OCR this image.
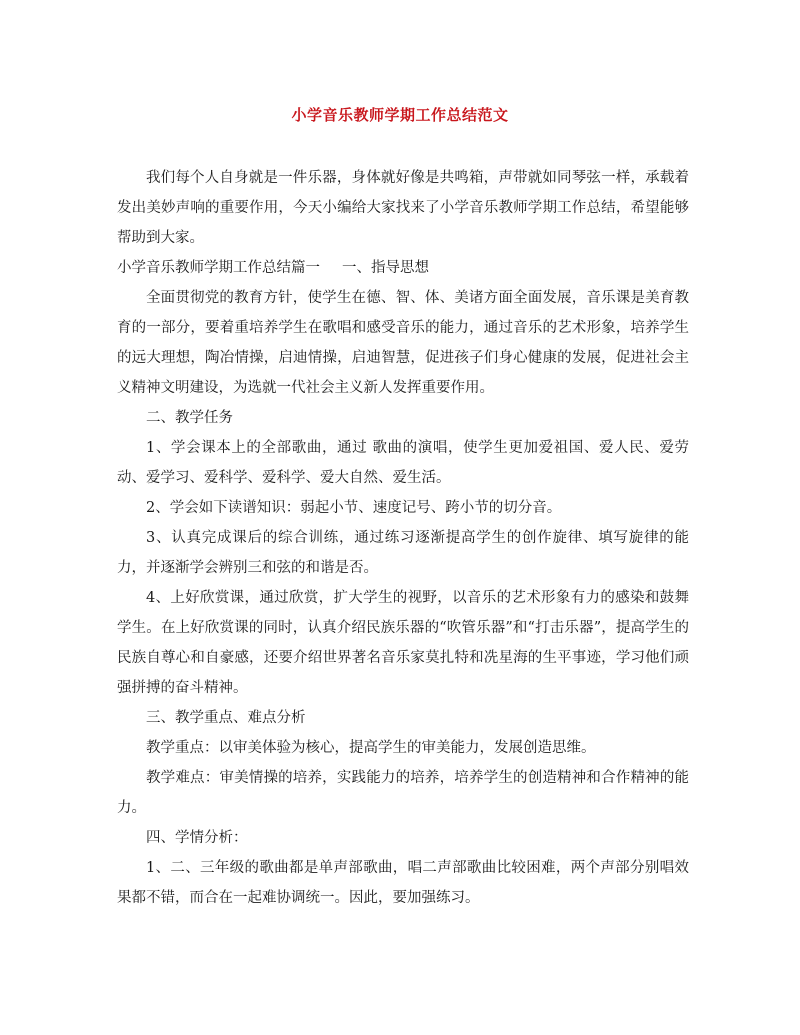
小学音乐教师学期工作总结范文

我们每个人自身就是一件乐器，身体就好像是共鸣箱，声带就如同琴弦一样，承载着发出美妙声响的重要作用，今天小编给大家找来了小学音乐教师学期工作总结，希望能够帮助到大家。

小学音乐教师学期工作总结篇一 一、指导思想

全面贯彻党的教育方针，使学生在德、智、体、美诸方面全面发展，音乐课是美育教育的一部分，要着重培养学生在歌唱和感受音乐的能力，通过音乐的艺术形象，培养学生的远大理想，陶冶情操，启迪情操，启迪智慧，促进孩子们身心健康的发展，促进社会主义精神文明建设，为选就一代社会主义新人发挥重要作用。

二、教学任务

1、学会课本上的全部歌曲，通过 歌曲的演唱，使学生更加爱祖国、爱人民、爱劳动、爱学习、爱科学、爱科学、爱大自然、爱生活。

2、学会如下读谱知识：弱起小节、速度记号、跨小节的切分音。

3、认真完成课后的综合训练，通过练习逐渐提高学生的创作旋律、填写旋律的能力，并逐渐学会辨别三和弦的和谐是否。

4、上好欣赏课，通过欣赏，扩大学生的视野，以音乐的艺术形象有力的感染和鼓舞学生。在上好欣赏课的同时，认真介绍民族乐器的“吹管乐器”和“打击乐器”，提高学生的民族自尊心和自豪感，还要介绍世界著名音乐家莫扎特和冼星海的生平事迹，学习他们顽强拼搏的奋斗精神。

三、教学重点、难点分析

教学重点：以审美体验为核心，提高学生的审美能力，发展创造思维。

教学难点：审美情操的培养，实践能力的培养，培养学生的创造精神和合作精神的能力。

四、学情分析：

1、二、三年级的歌曲都是单声部歌曲，唱二声部歌曲比较困难，两个声部分别唱效果都不错，而合在一起难协调统一。因此，要加强练习。
